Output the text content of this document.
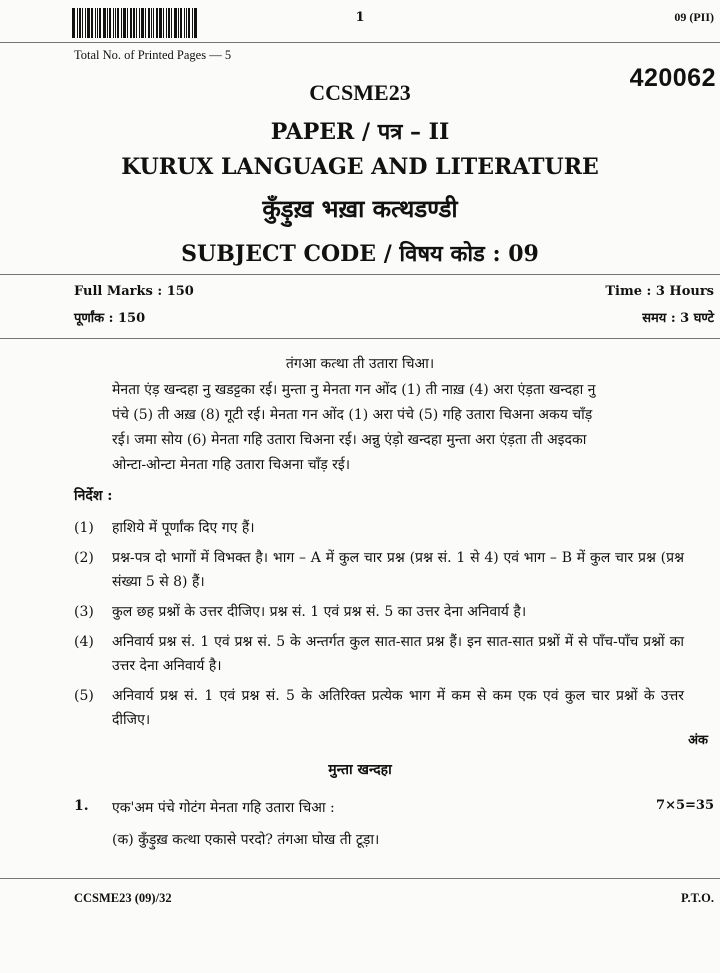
1	09 (PII)
Total No. of Printed Pages — 5
420062
CCSME23
PAPER / पत्र – II
KURUX LANGUAGE AND LITERATURE
कुँड़ुख़ भख़ा कत्थडण्डी
SUBJECT CODE / विषय कोड : 09
Full Marks : 150
पूर्णांक : 150
Time : 3 Hours
समय : 3 घण्टे
तंगआ कत्था ती उतारा चिआ।
मेनता एंड़ खन्दहा नु खडट्टका रई। मुन्ता नु मेनता गन ओंद (1) ती नाख़ (4) अरा एंड़ता खन्दहा नु
पंचे (5) ती अख़ (8) गूटी रई। मेनता गन ओंद (1) अरा पंचे (5) गहि उतारा चिअना अकय चाँड़
रई। जमा सोय (6) मेनता गहि उतारा चिअना रई। अन्नु एंड़ो खन्दहा मुन्ता अरा एंड़ता ती अइदका
ओन्टा-ओन्टा मेनता गहि उतारा चिअना चाँड़ रई।
निर्देश :
(1)	हाशिये में पूर्णांक दिए गए हैं।
(2)	प्रश्न-पत्र दो भागों में विभक्त है। भाग – A में कुल चार प्रश्न (प्रश्न सं. 1 से 4) एवं भाग – B में कुल चार प्रश्न (प्रश्न संख्या 5 से 8) हैं।
(3)	कुल छह प्रश्नों के उत्तर दीजिए। प्रश्न सं. 1 एवं प्रश्न सं. 5 का उत्तर देना अनिवार्य है।
(4)	अनिवार्य प्रश्न सं. 1 एवं प्रश्न सं. 5 के अन्तर्गत कुल सात-सात प्रश्न हैं। इन सात-सात प्रश्नों में से पाँच-पाँच प्रश्नों का उत्तर देना अनिवार्य है।
(5)	अनिवार्य प्रश्न सं. 1 एवं प्रश्न सं. 5 के अतिरिक्त प्रत्येक भाग में कम से कम एक एवं कुल चार प्रश्नों के उत्तर दीजिए।
अंक
मुन्ता खन्दहा
1. एक'अम पंचे गोटंग मेनता गहि उतारा चिआ :	7×5=35
(क) कुँड़ुख़ कत्था एकासे परदो? तंगआ घोख ती टूड़ा।
CCSME23 (09)/32	P.T.O.
